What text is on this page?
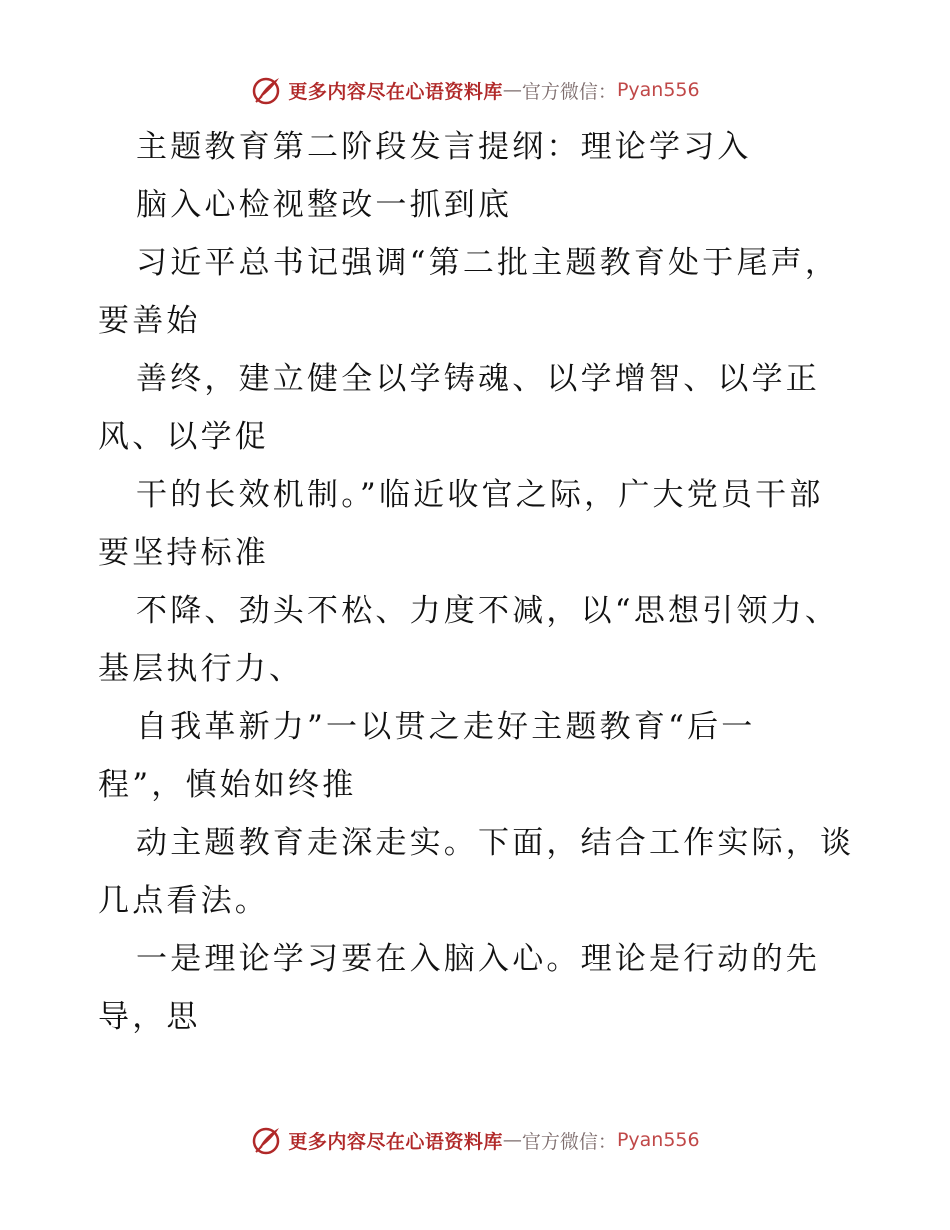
更多内容尽在心语资料库 — 官方微信： Pyan556
主题教育第二阶段发言提纲：理论学习入
脑入心检视整改一抓到底
习近平总书记强调“第二批主题教育处于尾声，
要善始
善终，建立健全以学铸魂、以学增智、以学正
风、以学促
干的长效机制。”临近收官之际，广大党员干部
要坚持标准
不降、劲头不松、力度不减，以“思想引领力、
基层执行力、
自我革新力”一以贯之走好主题教育“后一
程”，慎始如终推
动主题教育走深走实。下面，结合工作实际，谈
几点看法。
一是理论学习要在入脑入心。理论是行动的先
导，思
更多内容尽在心语资料库 — 官方微信： Pyan556
